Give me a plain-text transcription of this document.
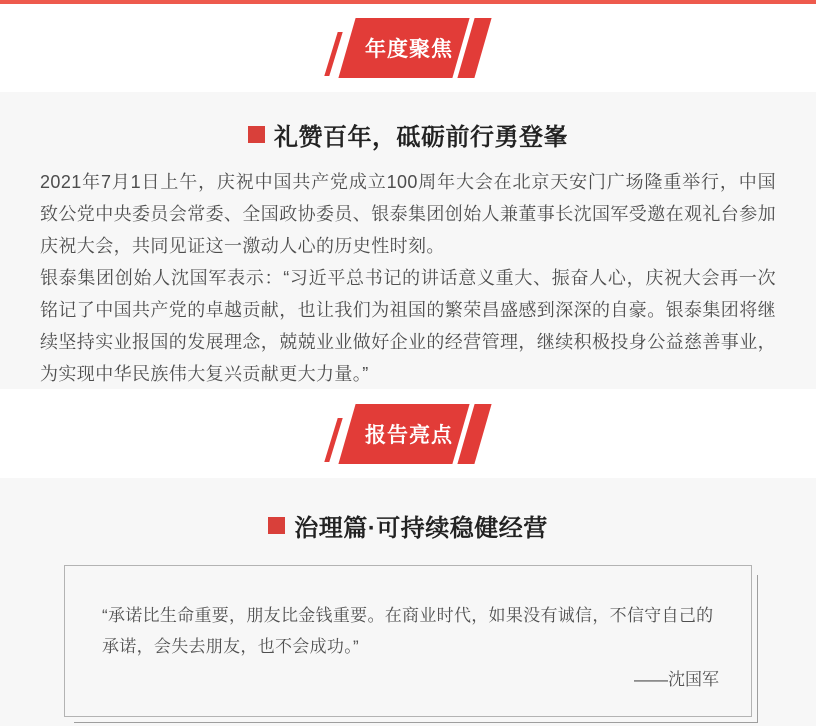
年度聚焦
礼赞百年，砥砺前行勇登峯

2021年7月1日上午，庆祝中国共产党成立100周年大会在北京天安门广场隆重举行，中国致公党中央委员会常委、全国政协委员、银泰集团创始人兼董事长沈国军受邀在观礼台参加庆祝大会，共同见证这一激动人心的历史性时刻。

银泰集团创始人沈国军表示：“习近平总书记的讲话意义重大、振奋人心，庆祝大会再一次铭记了中国共产党的卓越贡献，也让我们为祖国的繁荣昌盛感到深深的自豪。银泰集团将继续坚持实业报国的发展理念，兢兢业业做好企业的经营管理，继续积极投身公益慈善事业，为实现中华民族伟大复兴贡献更大力量。”

报告亮点
治理篇·可持续稳健经营

“承诺比生命重要，朋友比金钱重要。在商业时代，如果没有诚信，不信守自己的承诺，会失去朋友，也不会成功。”

——沈国军
